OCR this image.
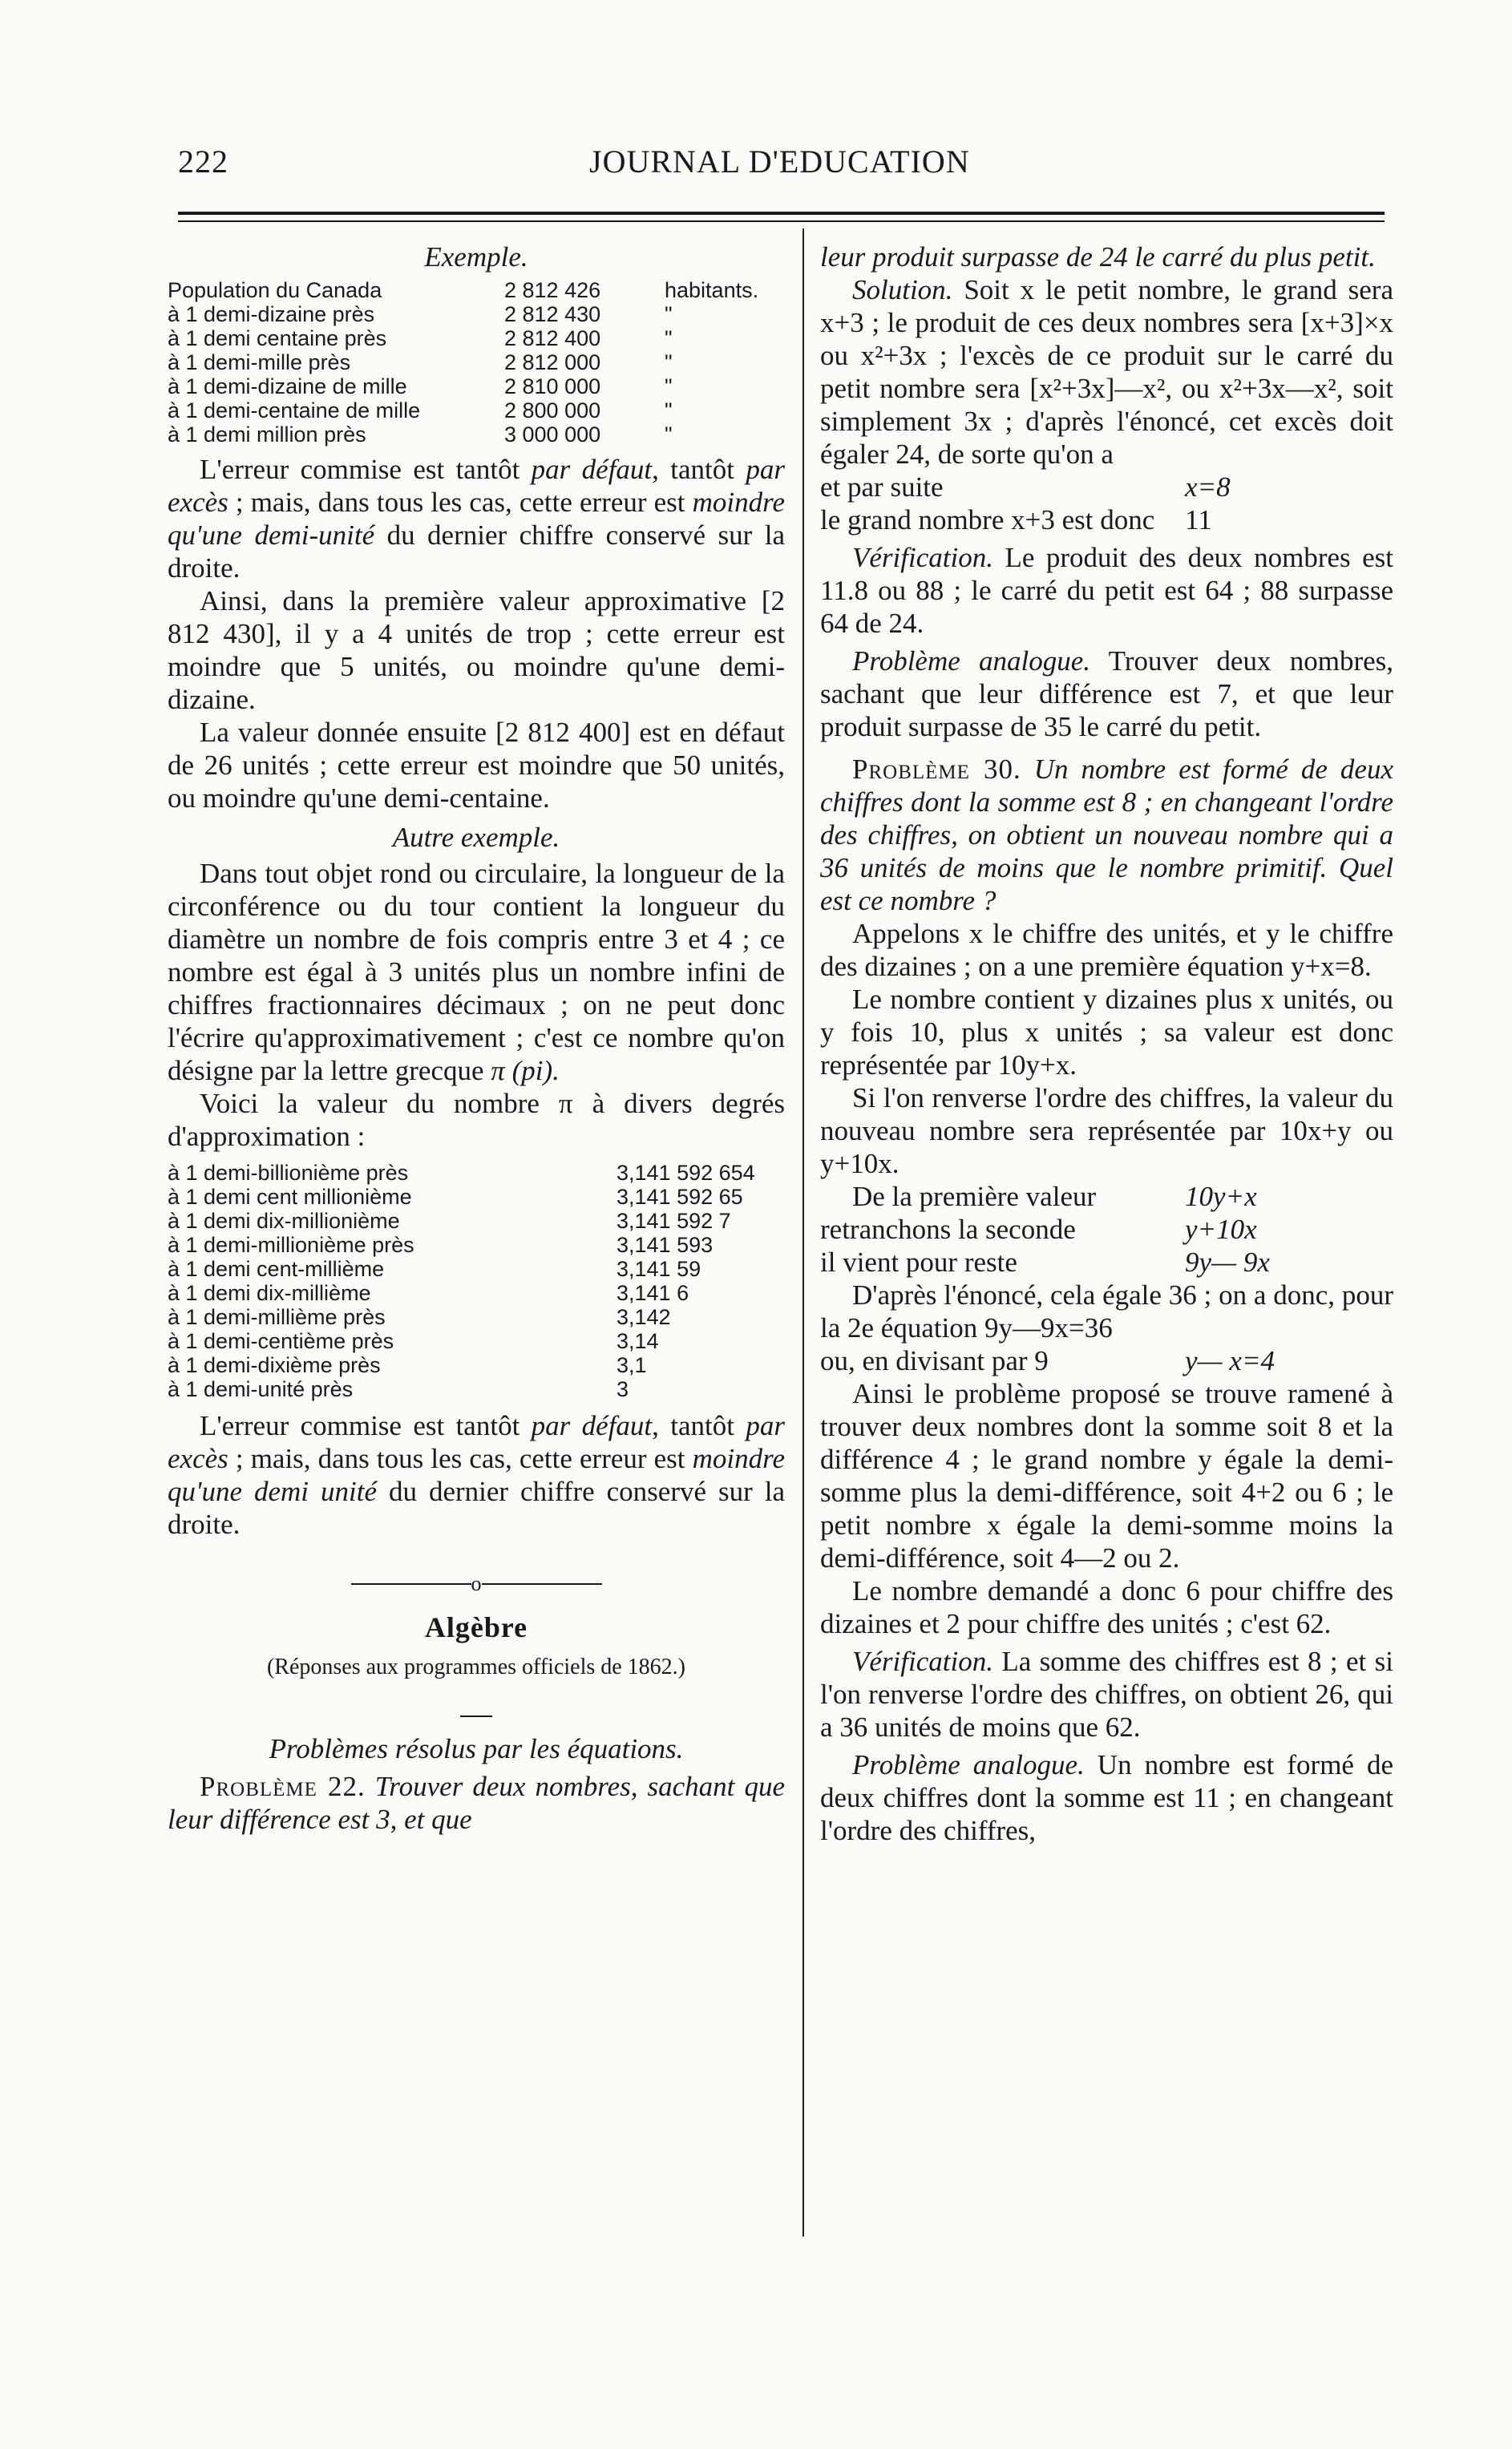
222	JOURNAL D'EDUCATION
Exemple.
Population du Canada	2 812 426	habitants.
à 1 demi-dizaine près	2 812 430	"
à 1 demi centaine près	2 812 400	"
à 1 demi-mille près	2 812 000	"
à 1 demi-dizaine de mille	2 810 000	"
à 1 demi-centaine de mille	2 800 000	"
à 1 demi million près	3 000 000	"

L'erreur commise est tantôt par défaut, tantôt par excès ; mais, dans tous les cas, cette erreur est moindre qu'une demi-unité du dernier chiffre conservé sur la droite.

Ainsi, dans la première valeur approximative [2 812 430], il y a 4 unités de trop ; cette erreur est moindre que 5 unités, ou moindre qu'une demi-dizaine.

La valeur donnée ensuite [2 812 400] est en défaut de 26 unités ; cette erreur est moindre que 50 unités, ou moindre qu'une demi-centaine.

Autre exemple.

Dans tout objet rond ou circulaire, la longueur de la circonférence ou du tour contient la longueur du diamètre un nombre de fois compris entre 3 et 4 ; ce nombre est égal à 3 unités plus un nombre infini de chiffres fractionnaires décimaux ; on ne peut donc l'écrire qu'approximativement ; c'est ce nombre qu'on désigne par la lettre grecque π (pi).

Voici la valeur du nombre π à divers degrés d'approximation :

à 1 demi-billionième près	3,141 592 654
à 1 demi cent millionième	3,141 592 65
à 1 demi dix-millionième	3,141 592 7
à 1 demi-millionième près	3,141 593
à 1 demi cent-millième	3,141 59
à 1 demi dix-millième	3,141 6
à 1 demi-millième près	3,142
à 1 demi-centième près	3,14
à 1 demi-dixième près	3,1
à 1 demi-unité près	3

L'erreur commise est tantôt par défaut, tantôt par excès ; mais, dans tous les cas, cette erreur est moindre qu'une demi unité du dernier chiffre conservé sur la droite.

o
Algèbre
(Réponses aux programmes officiels de 1862.)
Problèmes résolus par les équations.

Problème 22. Trouver deux nombres, sachant que leur différence est 3, et que

leur produit surpasse de 24 le carré du plus petit.

Solution. Soit x le petit nombre, le grand sera x+3 ; le produit de ces deux nombres sera [x+3]×x ou x²+3x ; l'excès de ce produit sur le carré du petit nombre sera [x²+3x]—x², ou x²+3x—x², soit simplement 3x ; d'après l'énoncé, cet excès doit égaler 24, de sorte qu'on a

et par suite	x=8
le grand nombre x+3 est donc 11

Vérification. Le produit des deux nombres est 11.8 ou 88 ; le carré du petit est 64 ; 88 surpasse 64 de 24.

Problème analogue. Trouver deux nombres, sachant que leur différence est 7, et que leur produit surpasse de 35 le carré du petit.

Problème 30. Un nombre est formé de deux chiffres dont la somme est 8 ; en changeant l'ordre des chiffres, on obtient un nouveau nombre qui a 36 unités de moins que le nombre primitif. Quel est ce nombre ?

Appelons x le chiffre des unités, et y le chiffre des dizaines ; on a une première équation y+x=8.

Le nombre contient y dizaines plus x unités, ou y fois 10, plus x unités ; sa valeur est donc représentée par 10y+x.

Si l'on renverse l'ordre des chiffres, la valeur du nouveau nombre sera représentée par 10x+y ou y+10x.

De la première valeur	10y+x
retranchons la seconde	y+10x
il vient pour reste	9y— 9x

D'après l'énoncé, cela égale 36 ; on a donc, pour la 2e équation 9y—9x=36

ou, en divisant par 9	y— x=4

Ainsi le problème proposé se trouve ramené à trouver deux nombres dont la somme soit 8 et la différence 4 ; le grand nombre y égale la demi-somme plus la demi-différence, soit 4+2 ou 6 ; le petit nombre x égale la demi-somme moins la demi-différence, soit 4—2 ou 2.

Le nombre demandé a donc 6 pour chiffre des dizaines et 2 pour chiffre des unités ; c'est 62.

Vérification. La somme des chiffres est 8 ; et si l'on renverse l'ordre des chiffres, on obtient 26, qui a 36 unités de moins que 62.

Problème analogue. Un nombre est formé de deux chiffres dont la somme est 11 ; en changeant l'ordre des chiffres,
